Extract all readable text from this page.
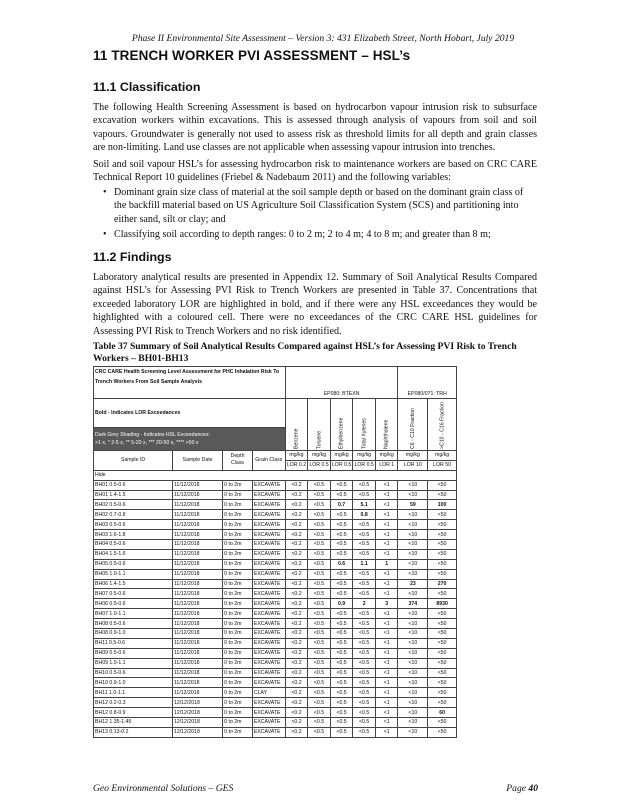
Phase II Environmental Site Assessment – Version 3: 431 Elizabeth Street, North Hobart, July 2019
11 TRENCH WORKER PVI ASSESSMENT – HSL’s
11.1 Classification

The following Health Screening Assessment is based on hydrocarbon vapour intrusion risk to subsurface excavation workers within excavations. This is assessed through analysis of vapours from soil and soil vapours. Groundwater is generally not used to assess risk as threshold limits for all depth and grain classes are non-limiting. Land use classes are not applicable when assessing vapour intrusion into trenches.

Soil and soil vapour HSL’s for assessing hydrocarbon risk to maintenance workers are based on CRC CARE Technical Report 10 guidelines (Friebel & Nadebaum 2011) and the following variables:

• Dominant grain size class of material at the soil sample depth or based on the dominant grain class of the backfill material based on US Agriculture Soil Classification System (SCS) and partitioning into either sand, silt or clay; and
• Classifying soil according to depth ranges: 0 to 2 m; 2 to 4 m; 4 to 8 m; and greater than 8 m;
11.2 Findings

Laboratory analytical results are presented in Appendix 12. Summary of Soil Analytical Results Compared against HSL’s for Assessing PVI Risk to Trench Workers are presented in Table 37. Concentrations that exceeded laboratory LOR are highlighted in bold, and if there were any HSL exceedances they would be highlighted with a coloured cell. There were no exceedances of the CRC CARE HSL guidelines for Assessing PVI Risk to Trench Workers and no risk identified.

Table 37 Summary of Soil Analytical Results Compared against HSL’s for Assessing PVI Risk to Trench Workers – BH01-BH13

CRC CARE Health Screening Level Assessment for PHC Inhalation Risk To Trench Workers From Soil Sample Analysis				EP080: BTEXN					EP080/071: TRH	
Bold - Indicates LOR Exceedances				Benzene	Toluene	Ethylbenzene	Total Xylenes	Naphthalene	C6 - C10 Fraction	>C10 - C16 Fraction

Dark Grey Shading - Indicates HSL Exceedances:
>1 x, * 2-5 x, ** 5-20 x, *** 20-50 x, **** >50 x										

Sample ID	Sample Date	Depth Class	Grain Class	mg/kg	mg/kg	mg/kg	mg/kg	mg/kg	mg/kg	mg/kg
				LOR 0.2	LOR 0.5	LOR 0.5	LOR 0.5	LOR 1	LOR 10	LOR 50
Hide										
BH01 0.5-0.6	11/12/2018	0 to 2m	EXCAVATE	<0.2	<0.5	<0.5	<0.5	<1	<10	<50
BH01 1.4-1.5	11/12/2018	0 to 2m	EXCAVATE	<0.2	<0.5	<0.5	<0.5	<1	<10	<50
BH02 0.5-0.6	11/12/2018	0 to 2m	EXCAVATE	<0.2	<0.5	0.7	5.1	<1	59	100
BH02 0.7-0.8	11/12/2018	0 to 2m	EXCAVATE	<0.2	<0.5	<0.5	0.8	<1	<10	<50
BH03 0.5-0.6	11/12/2018	0 to 2m	EXCAVATE	<0.2	<0.5	<0.5	<0.5	<1	<10	<50
BH03 1.6-1.8	11/12/2018	0 to 2m	EXCAVATE	<0.2	<0.5	<0.5	<0.5	<1	<10	<50
BH04 0.5-0.6	11/12/2018	0 to 2m	EXCAVATE	<0.2	<0.5	<0.5	<0.5	<1	<10	<50
BH04 1.5-1.6	11/12/2018	0 to 2m	EXCAVATE	<0.2	<0.5	<0.5	<0.5	<1	<10	<50
BH05 0.5-0.6	11/12/2018	0 to 2m	EXCAVATE	<0.2	<0.5	0.6	1.1	1	<10	<50
BH05 1.0-1.1	11/12/2018	0 to 2m	EXCAVATE	<0.2	<0.5	<0.5	<0.5	<1	<10	<50
BH06 1.4-1.5	11/12/2018	0 to 2m	EXCAVATE	<0.2	<0.5	<0.5	<0.5	<1	23	270
BH07 0.5-0.6	11/12/2018	0 to 2m	EXCAVATE	<0.2	<0.5	<0.5	<0.5	<1	<10	<50
BH06 0.5-0.6	11/12/2018	0 to 2m	EXCAVATE	<0.2	<0.5	0.9	2	3	374	8930
BH07 1.0-1.1	11/12/2018	0 to 2m	EXCAVATE	<0.2	<0.5	<0.5	<0.5	<1	<10	<50
BH08 0.5-0.6	11/12/2018	0 to 2m	EXCAVATE	<0.2	<0.5	<0.5	<0.5	<1	<10	<50
BH08 0.9-1.0	11/12/2018	0 to 2m	EXCAVATE	<0.2	<0.5	<0.5	<0.5	<1	<10	<50
BH11 0.5-0.6	11/12/2018	0 to 2m	EXCAVATE	<0.2	<0.5	<0.5	<0.5	<1	<10	<50
BH09 0.5-0.6	11/12/2018	0 to 2m	EXCAVATE	<0.2	<0.5	<0.5	<0.5	<1	<10	<50
BH09 1.0-1.1	11/12/2018	0 to 2m	EXCAVATE	<0.2	<0.5	<0.5	<0.5	<1	<10	<50
BH10 0.5-0.6	11/12/2018	0 to 2m	EXCAVATE	<0.2	<0.5	<0.5	<0.5	<1	<10	<50
BH10 0.9-1.0	11/12/2018	0 to 2m	EXCAVATE	<0.2	<0.5	<0.5	<0.5	<1	<10	<50
BH11 1.0-1.1	11/12/2018	0 to 2m	CLAY	<0.2	<0.5	<0.5	<0.5	<1	<10	<50
BH12 0.2-0.3	12/12/2018	0 to 2m	EXCAVATE	<0.2	<0.5	<0.5	<0.5	<1	<10	<50
BH12 0.8-0.9	12/12/2018	0 to 2m	EXCAVATE	<0.2	<0.5	<0.5	<0.5	<1	<10	60
BH12 1.35-1.45	12/12/2018	0 to 2m	EXCAVATE	<0.2	<0.5	<0.5	<0.5	<1	<10	<50
BH13 0.13-0.2	12/12/2018	0 to 2m	EXCAVATE	<0.2	<0.5	<0.5	<0.5	<1	<10	<50
Geo Environmental Solutions – GES	Page 40
